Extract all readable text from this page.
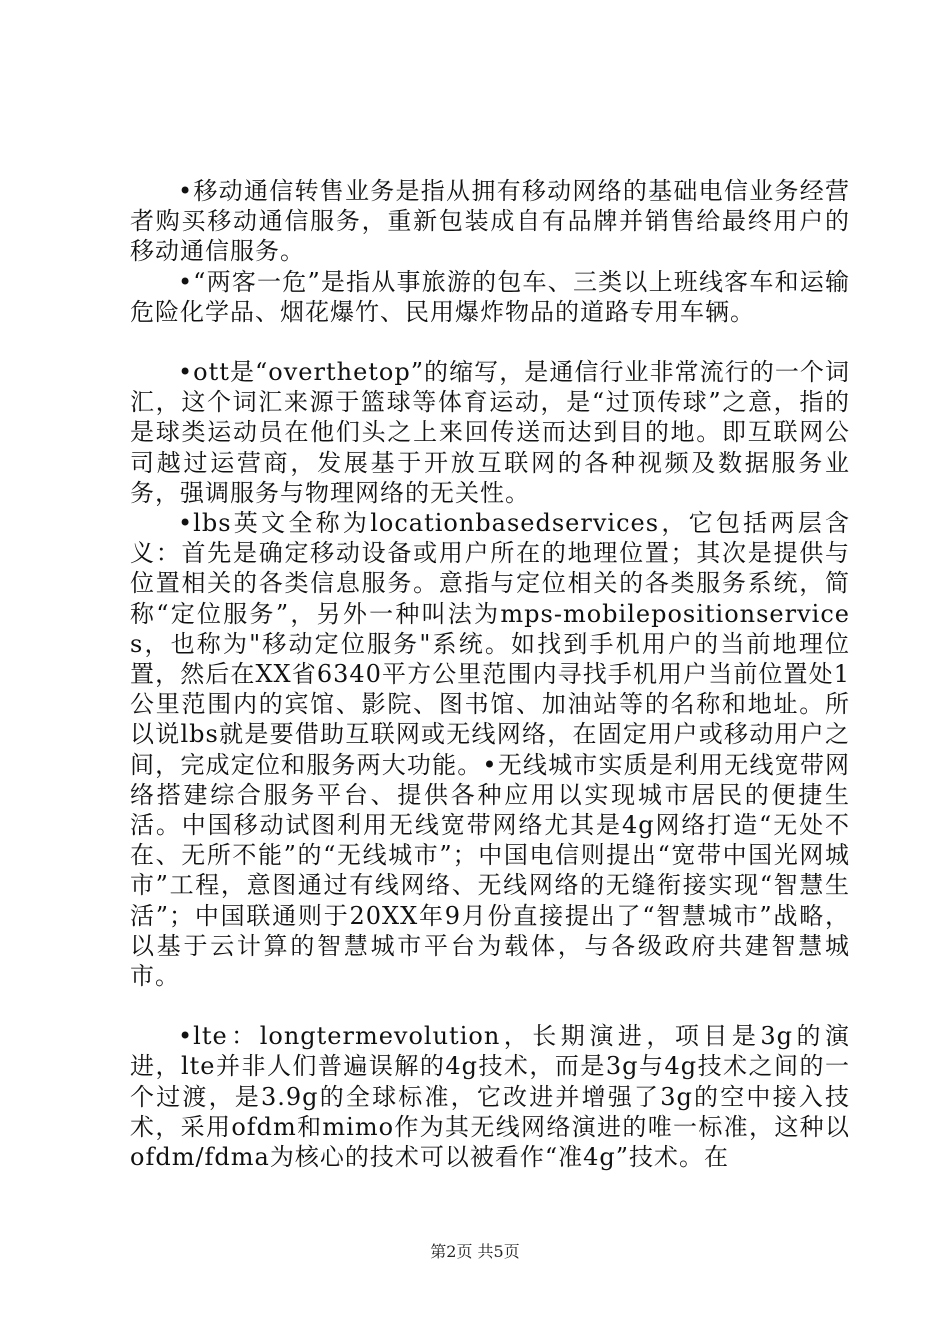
•移动通信转售业务是指从拥有移动网络的基础电信业务经营者购买移动通信服务，重新包装成自有品牌并销售给最终用户的移动通信服务。

•“两客一危”是指从事旅游的包车、三类以上班线客车和运输危险化学品、烟花爆竹、民用爆炸物品的道路专用车辆。

•ott是“overthetop”的缩写，是通信行业非常流行的一个词汇，这个词汇来源于篮球等体育运动，是“过顶传球”之意，指的是球类运动员在他们头之上来回传送而达到目的地。即互联网公司越过运营商，发展基于开放互联网的各种视频及数据服务业务，强调服务与物理网络的无关性。

•lbs英文全称为locationbasedservices，它包括两层含义：首先是确定移动设备或用户所在的地理位置；其次是提供与位置相关的各类信息服务。意指与定位相关的各类服务系统，简称“定位服务”，另外一种叫法为mps-mobilepositionservices，也称为"移动定位服务"系统。如找到手机用户的当前地理位置，然后在XX省6340平方公里范围内寻找手机用户当前位置处1公里范围内的宾馆、影院、图书馆、加油站等的名称和地址。所以说lbs就是要借助互联网或无线网络，在固定用户或移动用户之间，完成定位和服务两大功能。•无线城市实质是利用无线宽带网络搭建综合服务平台、提供各种应用以实现城市居民的便捷生活。中国移动试图利用无线宽带网络尤其是4g网络打造“无处不在、无所不能”的“无线城市”；中国电信则提出“宽带中国光网城市”工程，意图通过有线网络、无线网络的无缝衔接实现“智慧生活”；中国联通则于20XX年9月份直接提出了“智慧城市”战略，以基于云计算的智慧城市平台为载体，与各级政府共建智慧城市。

•lte：longtermevolution，长期演进，项目是3g的演进，lte并非人们普遍误解的4g技术，而是3g与4g技术之间的一个过渡，是3.9g的全球标准，它改进并增强了3g的空中接入技术，采用ofdm和mimo作为其无线网络演进的唯一标准，这种以ofdm/fdma为核心的技术可以被看作“准4g”技术。在

第2页 共5页
